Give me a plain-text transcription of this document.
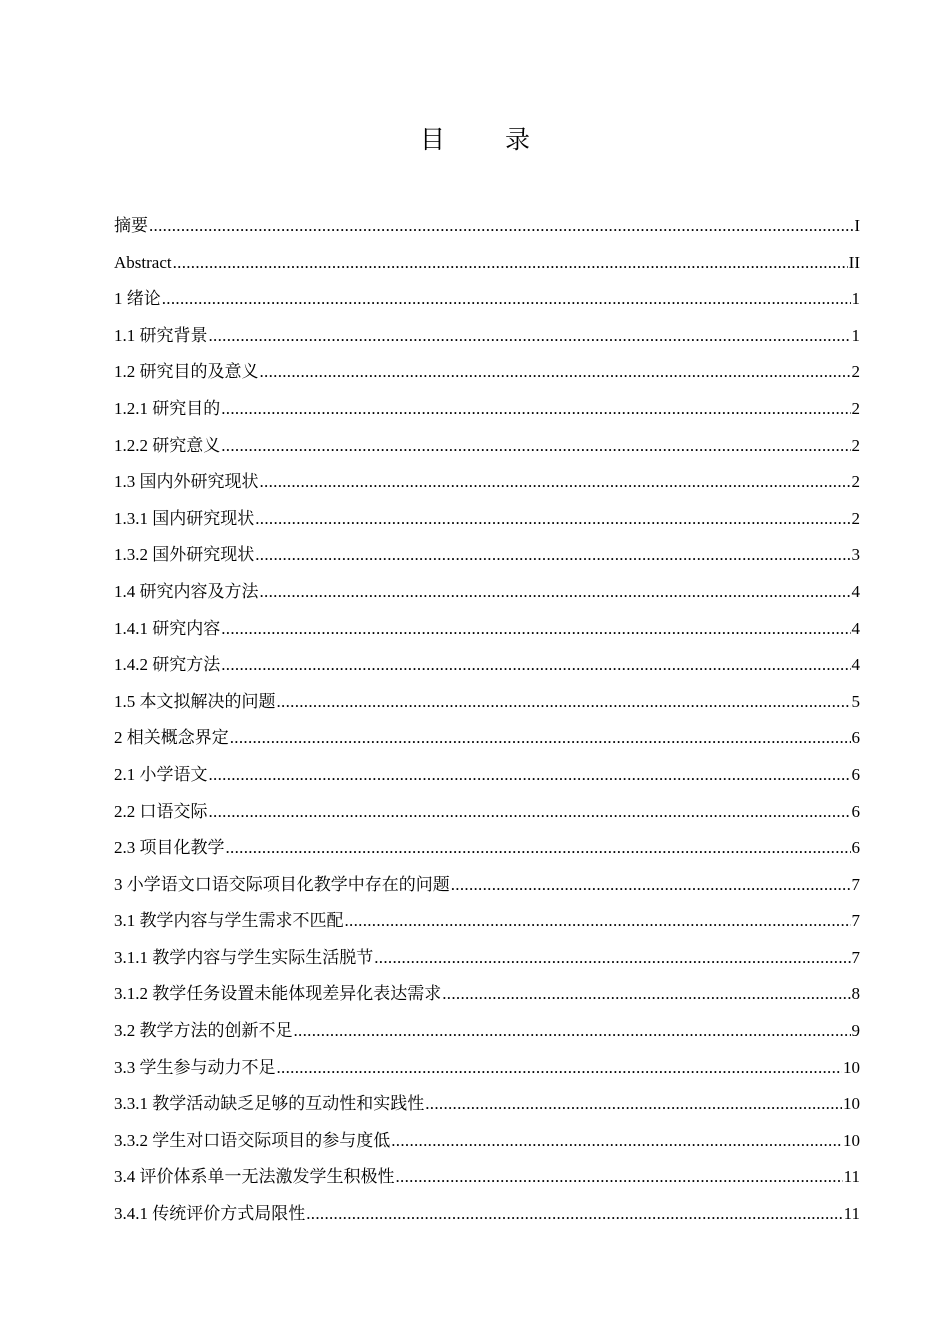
目 录
摘要 .....	I
Abstract .....	II
1 绪论 .....	1
1.1 研究背景 .....	1
1.2 研究目的及意义 .....	2
1.2.1 研究目的 .....	2
1.2.2 研究意义 .....	2
1.3 国内外研究现状 .....	2
1.3.1 国内研究现状 .....	2
1.3.2 国外研究现状 .....	3
1.4 研究内容及方法 .....	4
1.4.1 研究内容 .....	4
1.4.2 研究方法 .....	4
1.5 本文拟解决的问题 .....	5
2 相关概念界定 .....	6
2.1 小学语文 .....	6
2.2 口语交际 .....	6
2.3 项目化教学 .....	6
3 小学语文口语交际项目化教学中存在的问题 .....	7
3.1 教学内容与学生需求不匹配 .....	7
3.1.1 教学内容与学生实际生活脱节 .....	7
3.1.2 教学任务设置未能体现差异化表达需求 .....	8
3.2 教学方法的创新不足 .....	9
3.3 学生参与动力不足 .....	10
3.3.1 教学活动缺乏足够的互动性和实践性 .....	10
3.3.2 学生对口语交际项目的参与度低 .....	10
3.4 评价体系单一无法激发学生积极性 .....	11
3.4.1 传统评价方式局限性 .....	11
